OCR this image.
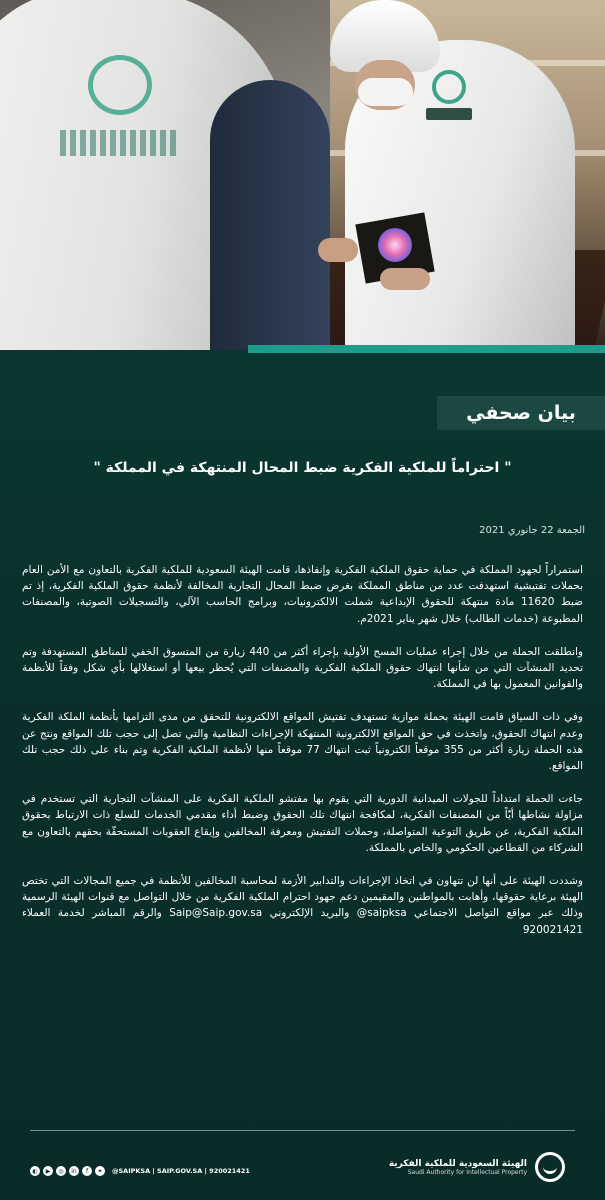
بيان صحفي
" احتراماً للملكية الفكرية ضبط المحال المنتهكة في المملكة "
الجمعة 22 جانوري 2021

استمراراً لجهود المملكة في حماية حقوق الملكية الفكرية وإنفاذها، قامت الهيئة السعودية للملكية الفكرية بالتعاون مع الأمن العام بحملات تفتيشية استهدفت عدد من مناطق المملكة بغرض ضبط المحال التجارية المخالفة لأنظمة حقوق الملكية الفكرية، إذ تم ضبط 11620 مادة منتهكة للحقوق الإبداعية شملت الالكترونيات، وبرامج الحاسب الآلي، والتسجيلات الصوتية، والمصنفات المطبوعة (خدمات الطالب) خلال شهر يناير 2021م.

وانطلقت الحملة من خلال إجراء عمليات المسح الأولية بإجراء أكثر من 440 زيارة من المتسوق الخفي للمناطق المستهدفة وتم تحديد المنشآت التي من شأنها انتهاك حقوق الملكية الفكرية والمصنفات التي يُحظر بيعها أو استغلالها بأي شكل وفقاً للأنظمة والقوانين المعمول بها في المملكة.

وفي ذات السياق قامت الهيئة بحملة موازية تستهدف تفتيش المواقع الالكترونية للتحقق من مدى التزامها بأنظمة الملكة الفكرية وعدم انتهاك الحقوق، واتخذت في حق المواقع الالكترونية المنتهكة الإجراءات النظامية والتي تصل إلى حجب تلك المواقع ونتج عن هذه الحملة زيارة أكثر من 355 موقعاً الكترونياً ثبت انتهاك 77 موقعاً منها لأنظمة الملكية الفكرية وتم بناء على ذلك حجب تلك المواقع.

جاءت الحملة امتداداً للجولات الميدانية الدورية التي يقوم بها مفتشو الملكية الفكرية على المنشآت التجارية التي تستخدم في مزاولة نشاطها أيّاً من المصنفات الفكرية، لمكافحة انتهاك تلك الحقوق وضبط أداء مقدمي الخدمات للسلع ذات الارتباط بحقوق الملكية الفكرية، عن طريق التوعية المتواصلة، وحملات التفتيش ومعرفة المخالفين وإيقاع العقوبات المستحقّة بحقهم بالتعاون مع الشركاء من القطاعين الحكومي والخاص بالمملكة.

وشددت الهيئة على أنها لن تتهاون في اتخاذ الإجراءات والتدابير الأزمة لمحاسبة المخالفين للأنظمة في جميع المجالات التي تختص الهيئة برعاية حقوقها، وأهابت بالمواطنين والمقيمين دعم جهود احترام الملكية الفكرية من خلال التواصل مع قنوات الهيئة الرسمية وذلك عبر مواقع التواصل الاجتماعي saipksa@ والبريد الإلكتروني Saip@Saip.gov.sa والرقم المباشر لخدمة العملاء 920021421

◐	▶	◎	in	f	✦	@SAIPKSA | SAIP.GOV.SA | 920021421
الهيئة السعودية للملكية الفكرية
Saudi Authority for Intellectual Property
